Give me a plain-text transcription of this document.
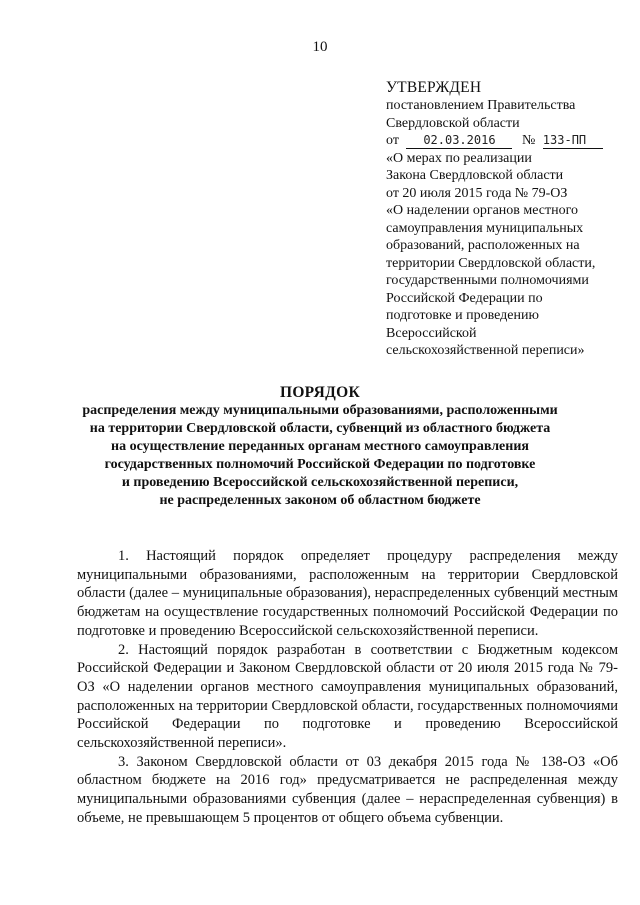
10
УТВЕРЖДЕН
постановлением Правительства
Свердловской области
от 02.03.2016 № 133-ПП
«О мерах по реализации
Закона Свердловской области
от 20 июля 2015 года № 79-ОЗ
«О наделении органов местного
самоуправления муниципальных
образований, расположенных на
территории Свердловской области,
государственными полномочиями
Российской Федерации по
подготовке и проведению
Всероссийской
сельскохозяйственной переписи»
ПОРЯДОК
распределения между муниципальными образованиями, расположенными
на территории Свердловской области, субвенций из областного бюджета
на осуществление переданных органам местного самоуправления
государственных полномочий Российской Федерации по подготовке
и проведению Всероссийской сельскохозяйственной переписи,
не распределенных законом об областном бюджете

1. Настоящий порядок определяет процедуру распределения между муниципальными образованиями, расположенным на территории Свердловской области (далее – муниципальные образования), нераспределенных субвенций местным бюджетам на осуществление государственных полномочий Российской Федерации по подготовке и проведению Всероссийской сельскохозяйственной переписи.

2. Настоящий порядок разработан в соответствии с Бюджетным кодексом Российской Федерации и Законом Свердловской области от 20 июля 2015 года № 79-ОЗ «О наделении органов местного самоуправления муниципальных образований, расположенных на территории Свердловской области, государственных полномочиями Российской Федерации по подготовке и проведению Всероссийской сельскохозяйственной переписи».

3. Законом Свердловской области от 03 декабря 2015 года № 138-ОЗ «Об областном бюджете на 2016 год» предусматривается не распределенная между муниципальными образованиями субвенция (далее – нераспределенная субвенция) в объеме, не превышающем 5 процентов от общего объема субвенции.
